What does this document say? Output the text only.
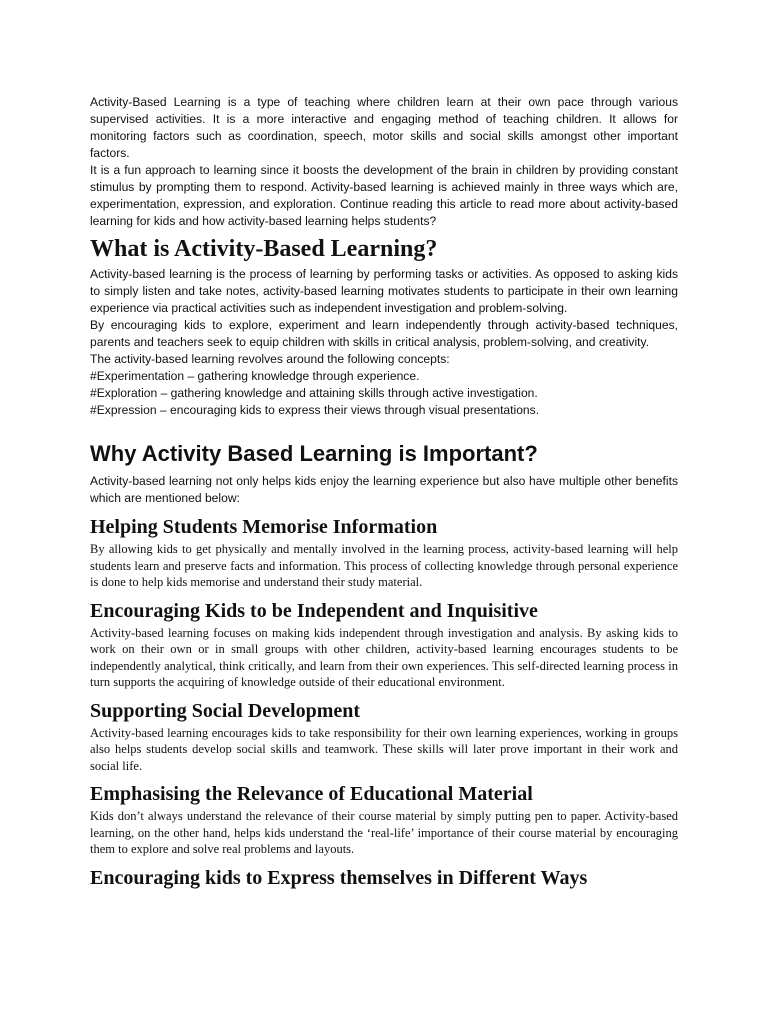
Activity-Based Learning is a type of teaching where children learn at their own pace through various supervised activities. It is a more interactive and engaging method of teaching children. It allows for monitoring factors such as coordination, speech, motor skills and social skills amongst other important factors.

It is a fun approach to learning since it boosts the development of the brain in children by providing constant stimulus by prompting them to respond. Activity-based learning is achieved mainly in three ways which are, experimentation, expression, and exploration. Continue reading this article to read more about activity-based learning for kids and how activity-based learning helps students?

What is Activity-Based Learning?

Activity-based learning is the process of learning by performing tasks or activities. As opposed to asking kids to simply listen and take notes, activity-based learning motivates students to participate in their own learning experience via practical activities such as independent investigation and problem-solving.

By encouraging kids to explore, experiment and learn independently through activity-based techniques, parents and teachers seek to equip children with skills in critical analysis, problem-solving, and creativity.

The activity-based learning revolves around the following concepts:

#Experimentation – gathering knowledge through experience.

#Exploration – gathering knowledge and attaining skills through active investigation.

#Expression – encouraging kids to express their views through visual presentations.

Why Activity Based Learning is Important?

Activity-based learning not only helps kids enjoy the learning experience but also have multiple other benefits which are mentioned below:

Helping Students Memorise Information

By allowing kids to get physically and mentally involved in the learning process, activity-based learning will help students learn and preserve facts and information. This process of collecting knowledge through personal experience is done to help kids memorise and understand their study material.

Encouraging Kids to be Independent and Inquisitive

Activity-based learning focuses on making kids independent through investigation and analysis. By asking kids to work on their own or in small groups with other children, activity-based learning encourages students to be independently analytical, think critically, and learn from their own experiences. This self-directed learning process in turn supports the acquiring of knowledge outside of their educational environment.

Supporting Social Development

Activity-based learning encourages kids to take responsibility for their own learning experiences, working in groups also helps students develop social skills and teamwork. These skills will later prove important in their work and social life.

Emphasising the Relevance of Educational Material

Kids don’t always understand the relevance of their course material by simply putting pen to paper. Activity-based learning, on the other hand, helps kids understand the ‘real-life’ importance of their course material by encouraging them to explore and solve real problems and layouts.

Encouraging kids to Express themselves in Different Ways
